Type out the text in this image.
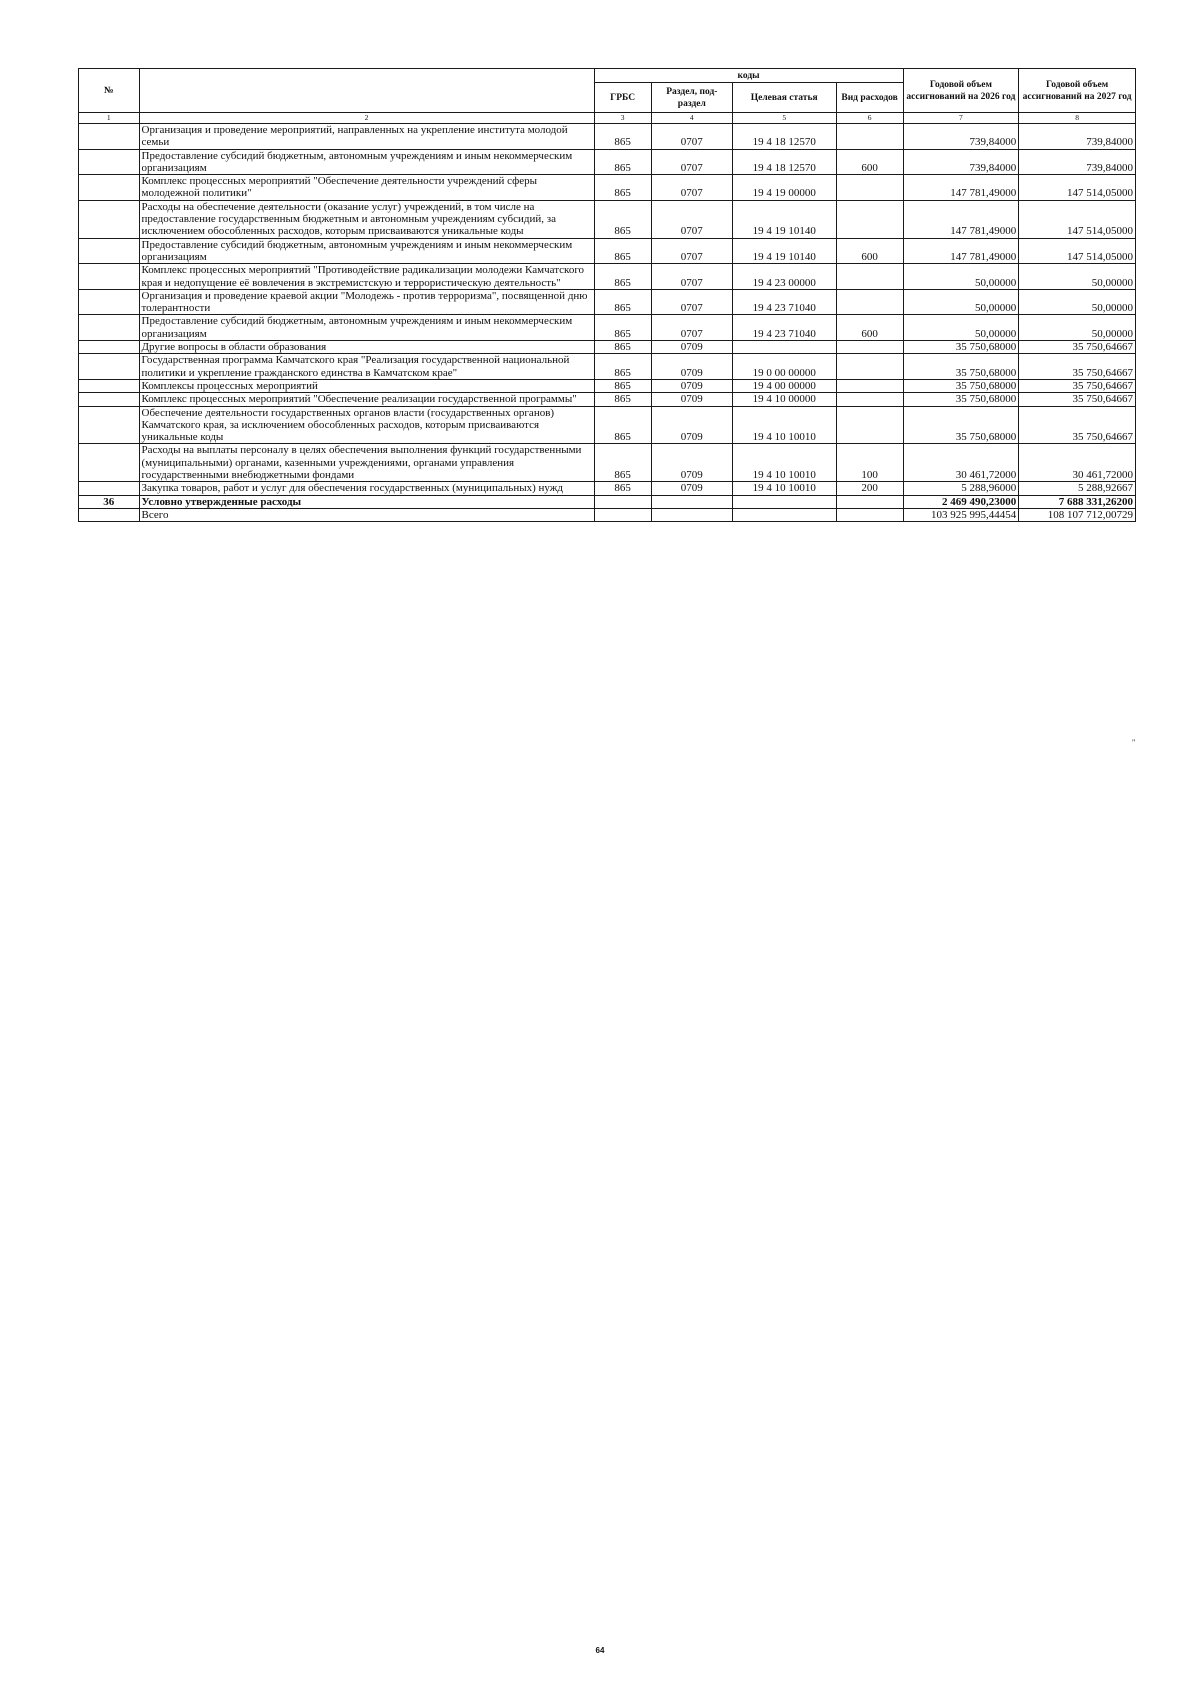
№		коды				Годовой объем ассигнований на 2026 год	Годовой объем ассигнований на 2027 год
		ГРБС	Раздел, под-раздел	Целевая статья	Вид расходов		
1	2	3	4	5	6	7	8
	Организация и проведение мероприятий, направленных на укрепление института молодой семьи	865	0707	19 4 18 12570		739,84000	739,84000
	Предоставление субсидий бюджетным, автономным учреждениям и иным некоммерческим организациям	865	0707	19 4 18 12570	600	739,84000	739,84000
	Комплекс процессных мероприятий "Обеспечение деятельности учреждений сферы молодежной политики"	865	0707	19 4 19 00000		147 781,49000	147 514,05000
	Расходы на обеспечение деятельности (оказание услуг) учреждений, в том числе на предоставление государственным бюджетным и автономным учреждениям субсидий, за исключением обособленных расходов, которым присваиваются уникальные коды	865	0707	19 4 19 10140		147 781,49000	147 514,05000
	Предоставление субсидий бюджетным, автономным учреждениям и иным некоммерческим организациям	865	0707	19 4 19 10140	600	147 781,49000	147 514,05000
	Комплекс процессных мероприятий "Противодействие радикализации молодежи Камчатского края и недопущение её вовлечения в экстремистскую и террористическую деятельность"	865	0707	19 4 23 00000		50,00000	50,00000
	Организация и проведение краевой акции "Молодежь - против терроризма", посвященной дню толерантности	865	0707	19 4 23 71040		50,00000	50,00000
	Предоставление субсидий бюджетным, автономным учреждениям и иным некоммерческим организациям	865	0707	19 4 23 71040	600	50,00000	50,00000
	Другие вопросы в области образования	865	0709			35 750,68000	35 750,64667
	Государственная программа Камчатского края "Реализация государственной национальной политики и укрепление гражданского единства в Камчатском крае"	865	0709	19 0 00 00000		35 750,68000	35 750,64667
	Комплексы процессных мероприятий	865	0709	19 4 00 00000		35 750,68000	35 750,64667
	Комплекс процессных мероприятий "Обеспечение реализации государственной программы"	865	0709	19 4 10 00000		35 750,68000	35 750,64667
	Обеспечение деятельности государственных органов власти (государственных органов) Камчатского края, за исключением обособленных расходов, которым присваиваются уникальные коды	865	0709	19 4 10 10010		35 750,68000	35 750,64667
	Расходы на выплаты персоналу в целях обеспечения выполнения функций государственными (муниципальными) органами, казенными учреждениями, органами управления государственными внебюджетными фондами	865	0709	19 4 10 10010	100	30 461,72000	30 461,72000
	Закупка товаров, работ и услуг для обеспечения государственных (муниципальных) нужд	865	0709	19 4 10 10010	200	5 288,96000	5 288,92667
36	Условно утвержденные расходы					2 469 490,23000	7 688 331,26200
	Всего					103 925 995,44454	108 107 712,00729
"
64
